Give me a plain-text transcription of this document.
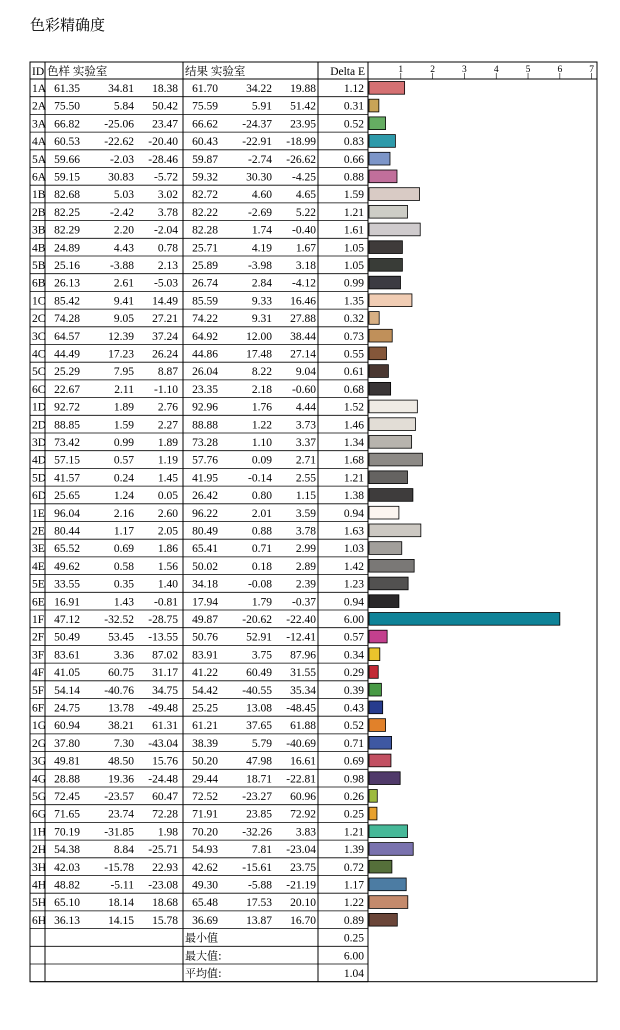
色彩精确度
ID 色样 实验室	结果 实验室	Delta E	1	2	3	4	5	6	7
1A 61.35 34.81 18.38 61.70 34.22 19.88 1.12
2A 75.50	5.84 50.42 75.59	5.91 51.42 0.31
3A 66.82 -25.06 23.47 66.62 -24.37 23.95 0.52
4A 60.53 -22.62 -20.40 60.43 -22.91 -18.99 0.83
5A 59.66	-2.03 -28.46 59.87	-2.74 -26.62 0.66
6A 59.15 30.83 -5.72 59.32 30.30 -4.25 0.88
1B 82.68	5.03 3.02 82.72	4.60 4.65 1.59
2B 82.25	-2.42 3.78 82.22	-2.69 5.22 1.21
3B 82.29	2.20 -2.04 82.28	1.74 -0.40 1.61
4B 24.89	4.43 0.78 25.71	4.19 1.67 1.05
5B 25.16	-3.88 2.13 25.89	-3.98 3.18 1.05
6B 26.13	2.61 -5.03 26.74	2.84 -4.12 0.99
1C 85.42	9.41 14.49 85.59	9.33 16.46 1.35
2C 74.28	9.05 27.21 74.22	9.31 27.88 0.32
3C 64.57 12.39 37.24 64.92 12.00 38.44 0.73
4C 44.49 17.23 26.24 44.86 17.48 27.14 0.55
5C 25.29	7.95 8.87 26.04	8.22 9.04 0.61
6C 22.67	2.11 -1.10 23.35	2.18 -0.60 0.68
1D 92.72	1.89 2.76 92.96	1.76 4.44 1.52
2D 88.85	1.59 2.27 88.88	1.22 3.73 1.46
3D 73.42	0.99 1.89 73.28	1.10 3.37 1.34
4D 57.15	0.57 1.19 57.76	0.09 2.71 1.68
5D 41.57	0.24 1.45 41.95	-0.14 2.55 1.21
6D 25.65	1.24 0.05 26.42	0.80 1.15 1.38
1E 96.04	2.16 2.60 96.22	2.01 3.59 0.94
2E 80.44	1.17 2.05 80.49	0.88 3.78 1.63
3E 65.52	0.69 1.86 65.41	0.71 2.99 1.03
4E 49.62	0.58 1.56 50.02	0.18 2.89 1.42
5E 33.55	0.35 1.40 34.18	-0.08 2.39 1.23
6E 16.91	1.43 -0.81 17.94	1.79 -0.37 0.94
1F 47.12 -32.52 -28.75 49.87 -20.62 -22.40 6.00
2F 50.49 53.45 -13.55 50.76 52.91 -12.41 0.57
3F 83.61	3.36 87.02 83.91	3.75 87.96 0.34
4F 41.05 60.75 31.17 41.22 60.49 31.55 0.29
5F 54.14 -40.76 34.75 54.42 -40.55 35.34 0.39
6F 24.75 13.78 -49.48 25.25 13.08 -48.45 0.43
1G 60.94 38.21 61.31 61.21 37.65 61.88 0.52
2G 37.80	7.30 -43.04 38.39	5.79 -40.69 0.71
3G 49.81 48.50 15.76 50.20 47.98 16.61 0.69
4G 28.88 19.36 -24.48 29.44 18.71 -22.81 0.98
5G 72.45 -23.57 60.47 72.52 -23.27 60.96 0.26
6G 71.65 23.74 72.28 71.91 23.85 72.92 0.25
1H 70.19 -31.85 1.98 70.20 -32.26 3.83 1.21
2H 54.38	8.84 -25.71 54.93	7.81 -23.04 1.39
3H 42.03 -15.78 22.93 42.62 -15.61 23.75 0.72
4H 48.82	-5.11 -23.08 49.30	-5.88 -21.19 1.17
5H 65.10 18.14 18.68 65.48 17.53 20.10 1.22
6H 36.13 14.15 15.78 36.69 13.87 16.70 0.89
最小值	0.25
最大值:	6.00
平均值:	1.04
